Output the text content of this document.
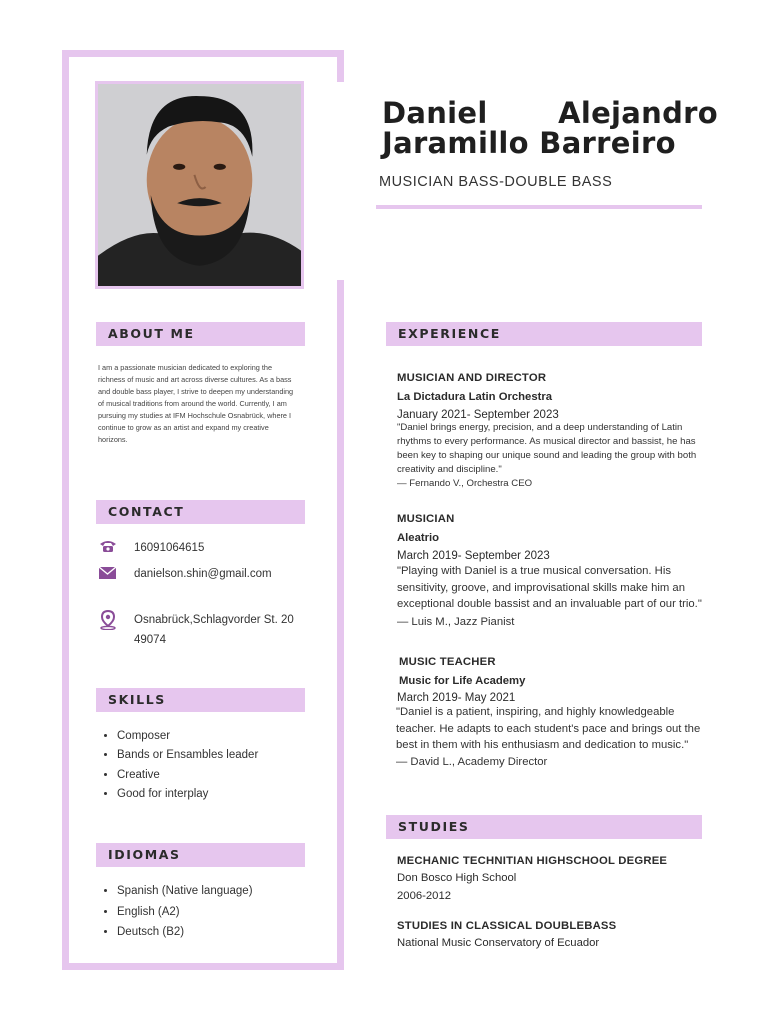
Daniel Alejandro
Jaramillo Barreiro
MUSICIAN BASS-DOUBLE BASS
ABOUT ME
I am a passionate musician dedicated to exploring the richness of music and art across diverse cultures. As a bass and double bass player, I strive to deepen my understanding of musical traditions from around the world. Currently, I am pursuing my studies at IFM Hochschule Osnabrück, where I continue to grow as an artist and expand my creative horizons.
CONTACT
16091064615
danielson.shin@gmail.com
Osnabrück,Schlagvorder St. 20
49074
SKILLS
• Composer
• Bands or Ensambles leader
• Creative
• Good for interplay
IDIOMAS
• Spanish (Native language)
• English (A2)
• Deutsch (B2)
EXPERIENCE
MUSICIAN AND DIRECTOR
La Dictadura Latin Orchestra
January 2021- September 2023
"Daniel brings energy, precision, and a deep understanding of Latin rhythms to every performance. As musical director and bassist, he has been key to shaping our unique sound and leading the group with both creativity and discipline."
— Fernando V., Orchestra CEO
MUSICIAN
Aleatrio
March 2019- September 2023
"Playing with Daniel is a true musical conversation. His sensitivity, groove, and improvisational skills make him an exceptional double bassist and an invaluable part of our trio."
— Luis M., Jazz Pianist
MUSIC TEACHER
Music for Life Academy
March 2019- May 2021
"Daniel is a patient, inspiring, and highly knowledgeable teacher. He adapts to each student's pace and brings out the best in them with his enthusiasm and dedication to music."
— David L., Academy Director
STUDIES
MECHANIC TECHNITIAN HIGHSCHOOL DEGREE
Don Bosco High School
2006-2012
STUDIES IN CLASSICAL DOUBLEBASS
National Music Conservatory of Ecuador
